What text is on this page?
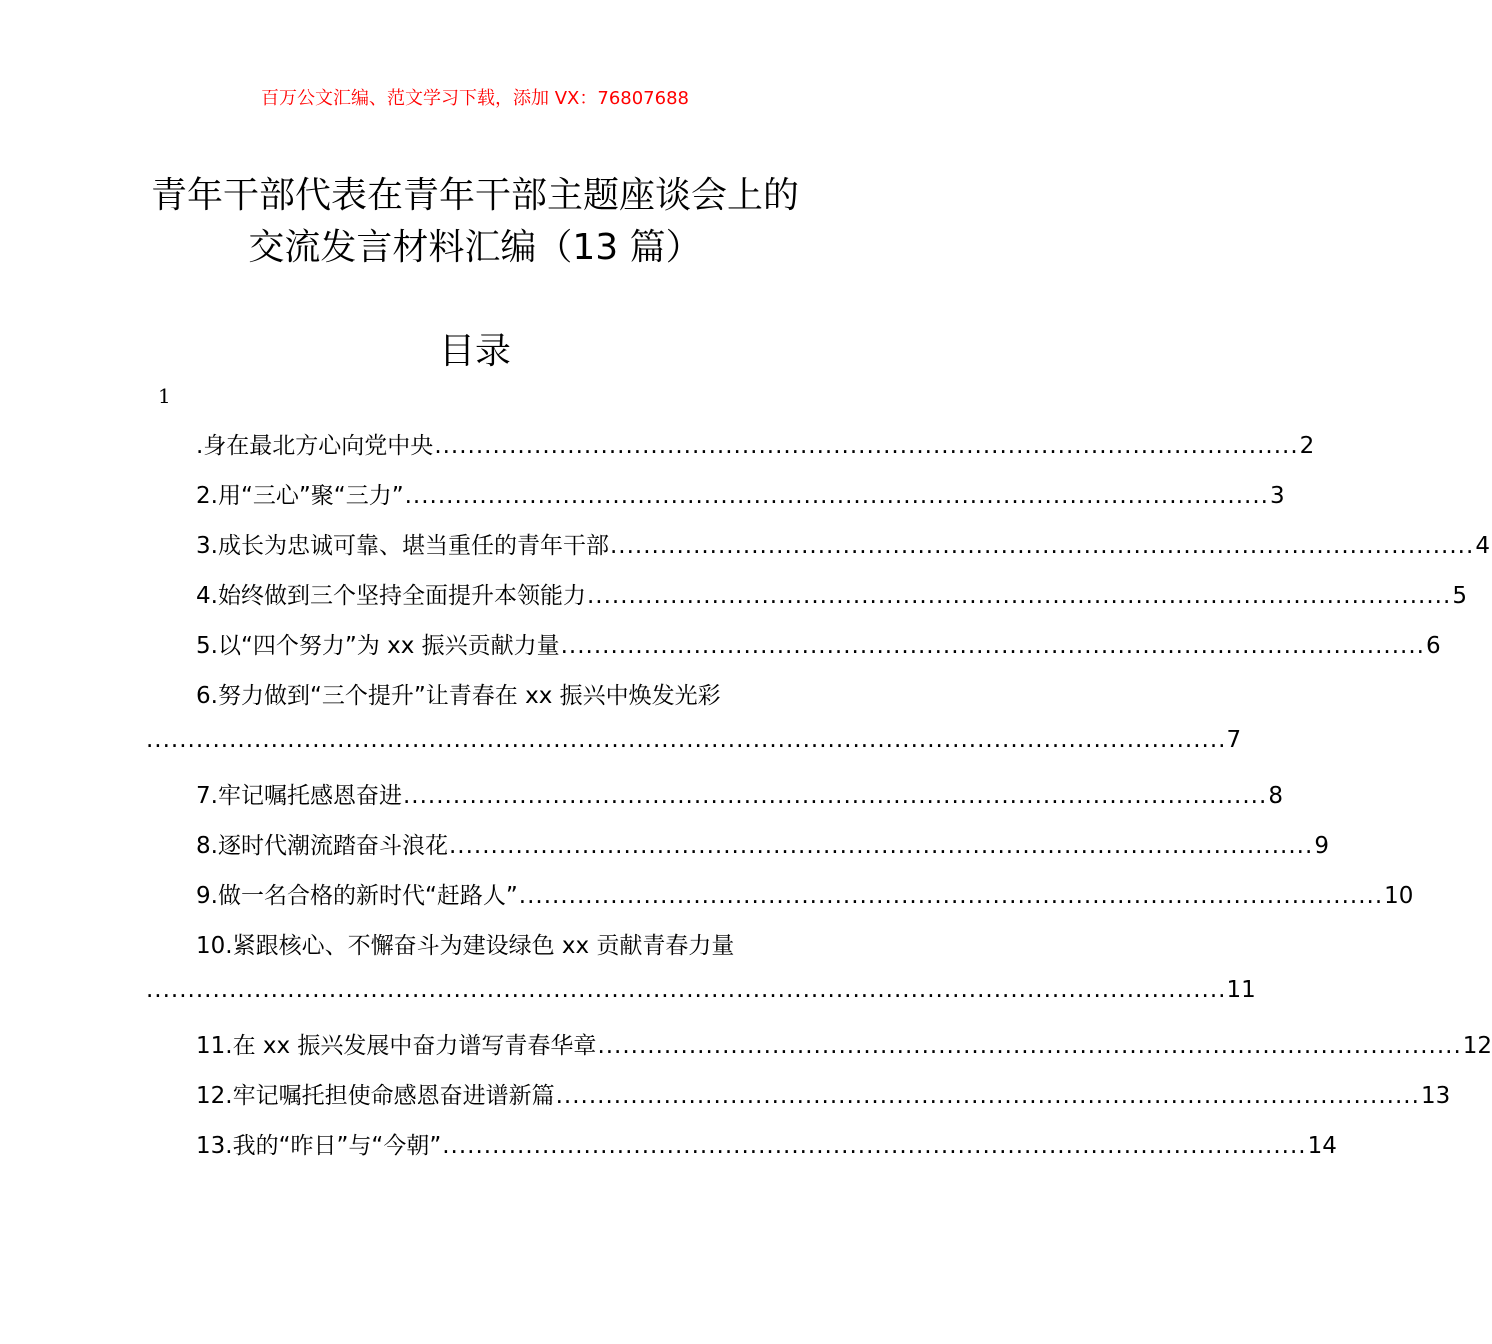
百万公文汇编、范文学习下载，添加 VX：76807688
青年干部代表在青年干部主题座谈会上的
交流发言材料汇编（13 篇）
目录
1
.身在最北方心向党中央 ........................................................................................................ 2
2.用“三心”聚“三力” ........................................................................................................ 3
3.成长为忠诚可靠、堪当重任的青年干部 ........................................................................................................ 4
4.始终做到三个坚持全面提升本领能力 ........................................................................................................ 5
5.以“四个努力”为 xx 振兴贡献力量 ........................................................................................................ 6
6.努力做到“三个提升”让青春在 xx 振兴中焕发光彩
.................................................................................................................................. 7
7.牢记嘱托感恩奋进 ........................................................................................................ 8
8.逐时代潮流踏奋斗浪花 ........................................................................................................ 9
9.做一名合格的新时代“赶路人” ........................................................................................................ 10
10.紧跟核心、不懈奋斗为建设绿色 xx 贡献青春力量
.................................................................................................................................. 11
11.在 xx 振兴发展中奋力谱写青春华章 ........................................................................................................ 12
12.牢记嘱托担使命感恩奋进谱新篇 ........................................................................................................ 13
13.我的“昨日”与“今朝” ........................................................................................................ 14
